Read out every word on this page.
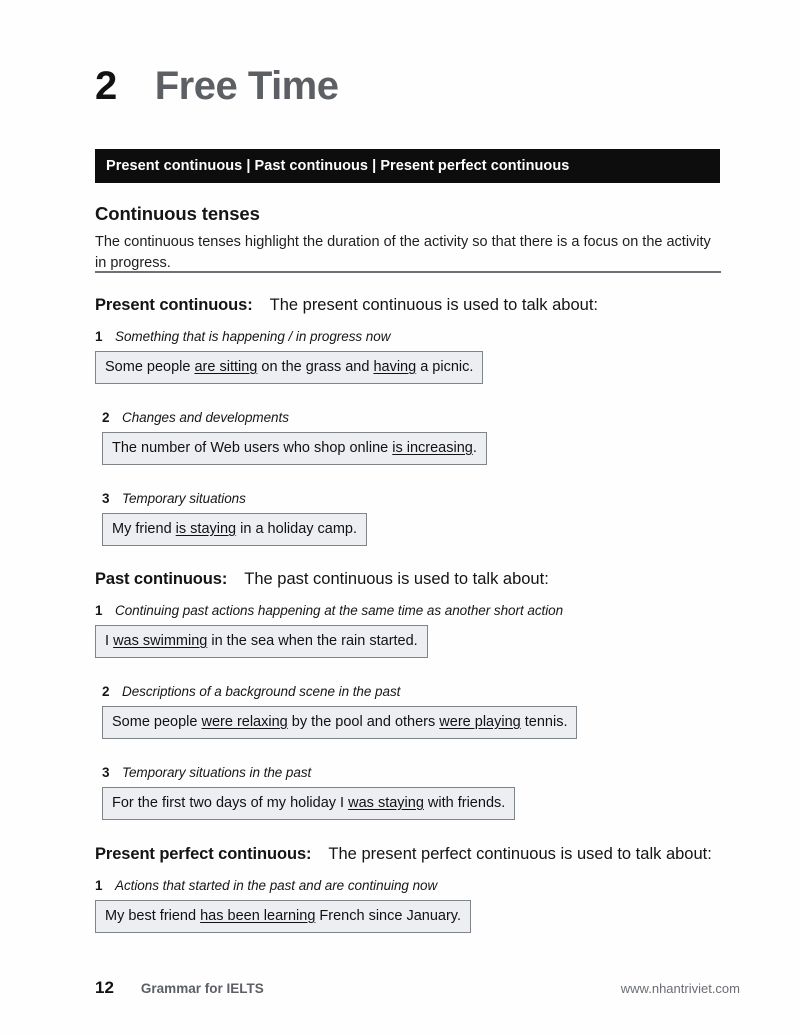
2 Free Time
Present continuous | Past continuous | Present perfect continuous
Continuous tenses
The continuous tenses highlight the duration of the activity so that there is a focus on the activity in progress.
Present continuous: The present continuous is used to talk about:
1 Something that is happening / in progress now
Some people are sitting on the grass and having a picnic.
2 Changes and developments
The number of Web users who shop online is increasing.
3 Temporary situations
My friend is staying in a holiday camp.
Past continuous: The past continuous is used to talk about:
1 Continuing past actions happening at the same time as another short action
I was swimming in the sea when the rain started.
2 Descriptions of a background scene in the past
Some people were relaxing by the pool and others were playing tennis.
3 Temporary situations in the past
For the first two days of my holiday I was staying with friends.
Present perfect continuous: The present perfect continuous is used to talk about:
1 Actions that started in the past and are continuing now
My best friend has been learning French since January.
12 Grammar for IELTS	www.nhantriviet.com
